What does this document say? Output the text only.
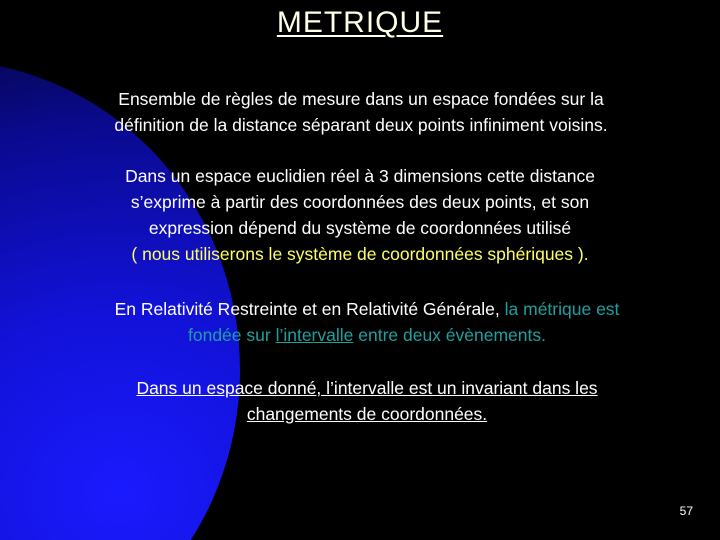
METRIQUE
Ensemble de règles de mesure dans un espace fondées sur la
définition de la distance séparant deux points infiniment voisins.
Dans un espace euclidien réel à 3 dimensions cette distance
s’exprime à partir des coordonnées des deux points, et son
expression dépend du système de coordonnées utilisé
( nous utiliserons le système de coordonnées sphériques ).
En Relativité Restreinte et en Relativité Générale, la métrique est
fondée sur l’intervalle entre deux évènements.
Dans un espace donné, l’intervalle est un invariant dans les
changements de coordonnées.
57
